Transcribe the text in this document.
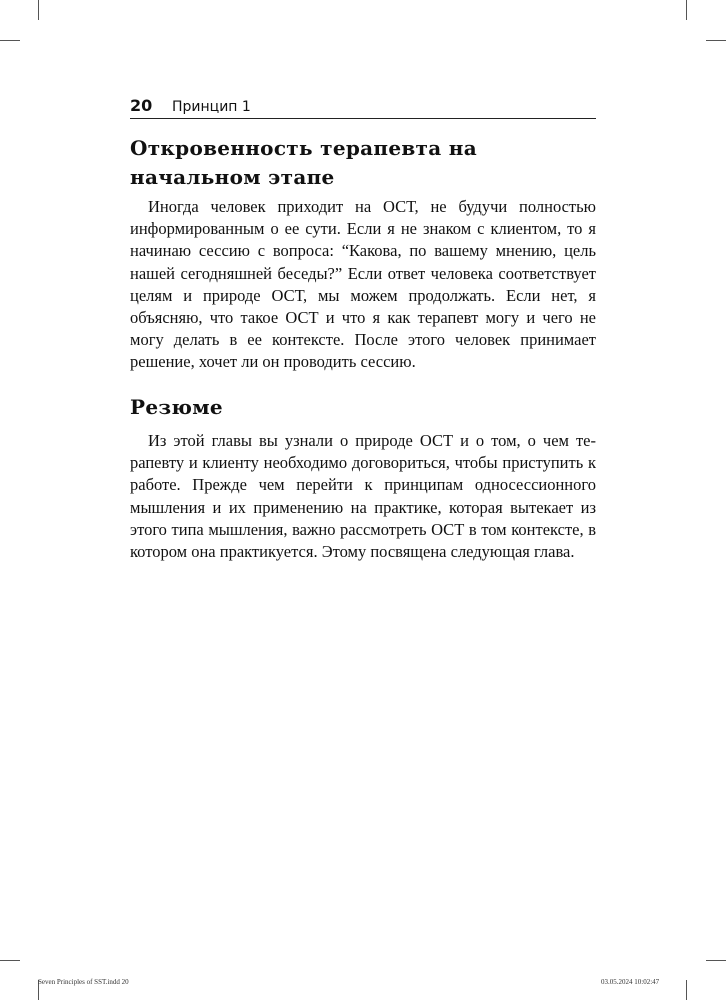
20 Принцип 1
Откровенность терапевта на
начальном этапе

Иногда человек приходит на ОСТ, не будучи полностью информированным о ее сути. Если я не знаком с клиентом, то я начинаю сессию с вопроса: “Какова, по вашему мнению, цель нашей сегодняшней беседы?” Если ответ человека соответствует целям и природе ОСТ, мы можем продолжать. Если нет, я объясняю, что такое ОСТ и что я как терапевт могу и чего не могу делать в ее контексте. После этого человек принимает решение, хочет ли он проводить сессию.

Резюме

Из этой главы вы узнали о природе ОСТ и о том, о чем терапевту и клиенту необходимо договориться, чтобы приступить к работе. Прежде чем перейти к принципам односессионного мышления и их применению на практике, которая вытекает из этого типа мышления, важно рассмотреть ОСТ в том контексте, в котором она практикуется. Этому посвящена следующая глава.

Seven Principles of SST.indd 20	03.05.2024 10:02:47
